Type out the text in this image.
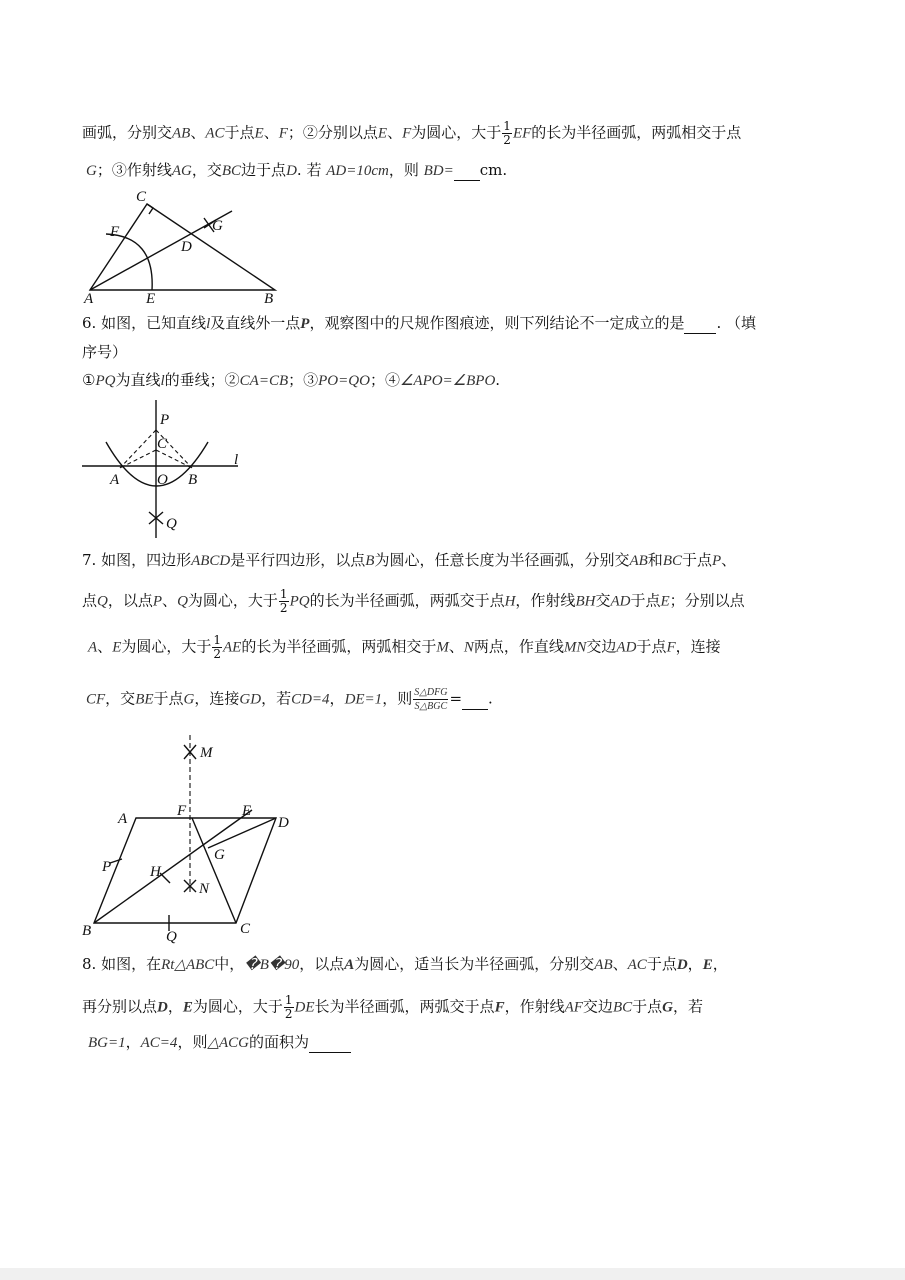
画弧，分别交AB、AC于点E、F；②分别以点E、F为圆心，大于 $\frac{1}{2}$ EF的长为半径画弧，两弧相交于点
G；③作射线AG，交BC边于点D. 若 AD=10cm，则 BD= cm.
C
F	G
D
A	E	B
6. 如图，已知直线l及直线外一点P，观察图中的尺规作图痕迹，则下列结论不一定成立的是 . （填
序号）
①PQ为直线l的垂线；②CA=CB；③PO=QO；④∠APO=∠BPO.
P
C
l
A	O B
Q
7. 如图，四边形ABCD是平行四边形，以点B为圆心，任意长度为半径画弧，分别交AB和BC于点P、
点Q，以点P、Q为圆心，大于 $\frac{1}{2}$ PQ的长为半径画弧，两弧交于点H，作射线BH交AD于点E；分别以点
A、E为圆心，大于 $\frac{1}{2}$ AE的长为半径画弧，两弧相交于M、N两点，作直线MN交边AD于点F，连接
CF，交BE于点G，连接GD，若CD=4，DE=1，则 $\frac{\text{S△DFG}}{\text{S△BGC}}$ = .
M
A	F	E
D
G
P	H
N
B	Q	C
8. 如图，在Rt△ABC中，�B�90，以点A为圆心，适当长为半径画弧，分别交AB、AC于点D，E，
再分别以点D，E为圆心，大于 $\frac{1}{2}$ DE长为半径画弧，两弧交于点F，作射线AF交边BC于点G，若
BG=1，AC=4，则△ACG的面积为
